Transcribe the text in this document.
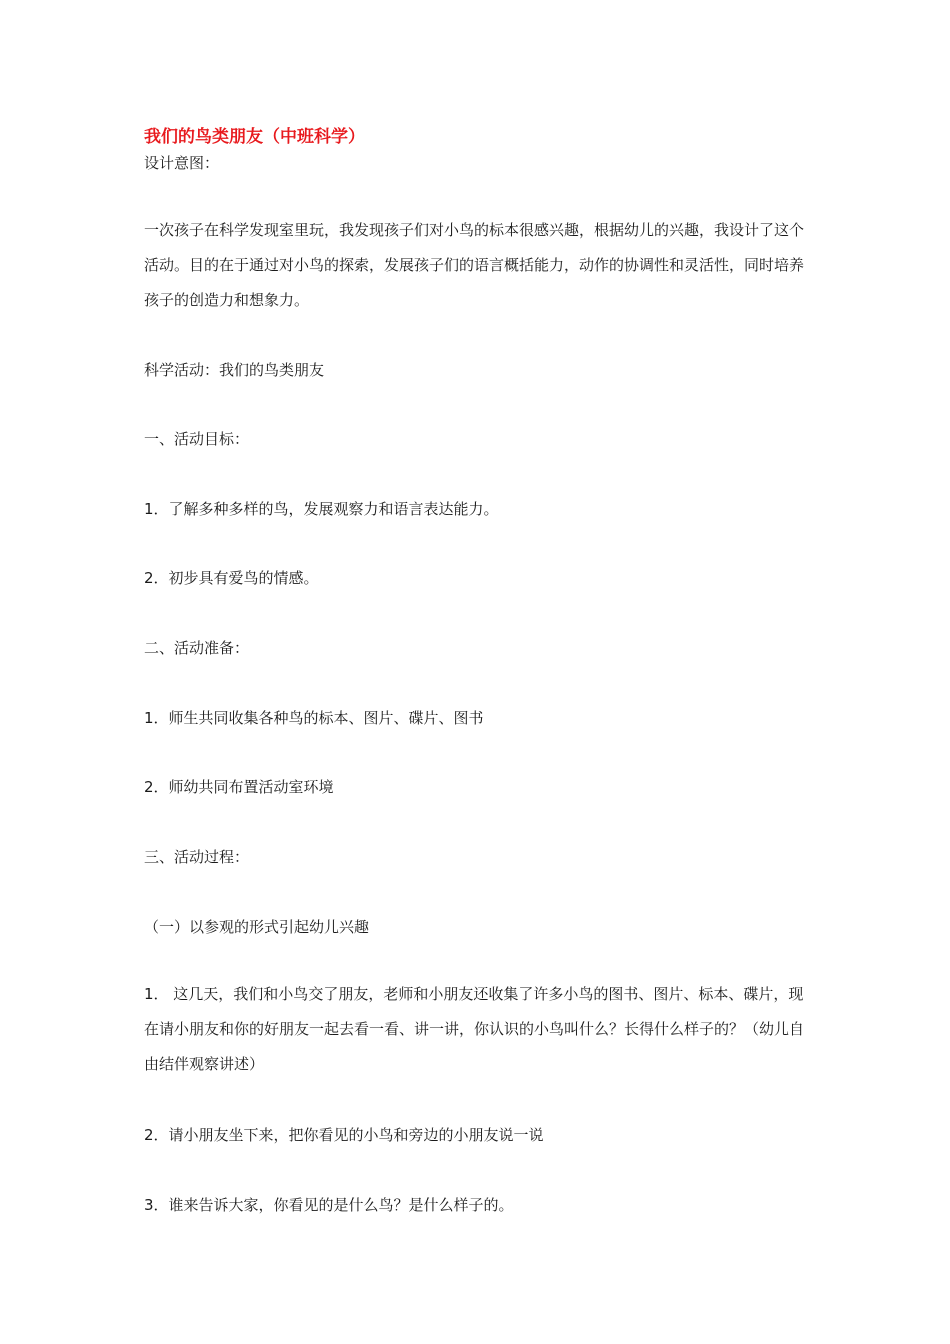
我们的鸟类朋友（中班科学）
设计意图：
一次孩子在科学发现室里玩，我发现孩子们对小鸟的标本很感兴趣，根据幼儿的兴趣，我设计了这个活动。目的在于通过对小鸟的探索，发展孩子们的语言概括能力，动作的协调性和灵活性，同时培养孩子的创造力和想象力。
科学活动：我们的鸟类朋友
一、活动目标：
1．了解多种多样的鸟，发展观察力和语言表达能力。
2．初步具有爱鸟的情感。
二、活动准备：
1．师生共同收集各种鸟的标本、图片、碟片、图书
2．师幼共同布置活动室环境
三、活动过程：
（一）以参观的形式引起幼儿兴趣
1． 这几天，我们和小鸟交了朋友，老师和小朋友还收集了许多小鸟的图书、图片、标本、碟片，现在请小朋友和你的好朋友一起去看一看、讲一讲，你认识的小鸟叫什么？长得什么样子的？（幼儿自由结伴观察讲述）
2．请小朋友坐下来，把你看见的小鸟和旁边的小朋友说一说
3．谁来告诉大家，你看见的是什么鸟？是什么样子的。
